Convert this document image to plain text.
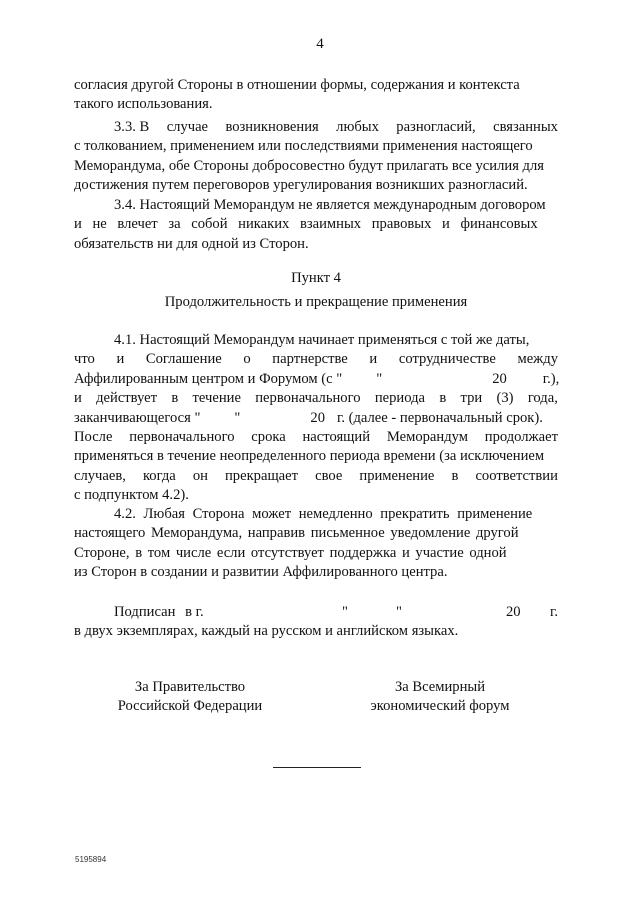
4
согласия другой Стороны в отношении формы, содержания и контекста
такого использования.
3.3. В случае возникновения любых разногласий, связанных
с толкованием, применением или последствиями применения настоящего
Меморандума, обе Стороны добросовестно будут прилагать все усилия для
достижения путем переговоров урегулирования возникших разногласий.
3.4. Настоящий Меморандум не является международным договором
и не влечет за собой никаких взаимных правовых и финансовых
обязательств ни для одной из Сторон.
Пункт 4
Продолжительность и прекращение применения
4.1. Настоящий Меморандум начинает применяться с той же даты,
что и Соглашение о партнерстве и сотрудничестве между
Аффилированным центром и Форумом (с " "	20 г.),
и действует в течение первоначального периода в три (3) года,
заканчивающегося " "	20 г. (далее - первоначальный срок).
После первоначального срока настоящий Меморандум продолжает
применяться в течение неопределенного периода времени (за исключением
случаев, когда он прекращает свое применение в соответствии
с подпунктом 4.2).
4.2. Любая Сторона может немедленно прекратить применение
настоящего Меморандума, направив письменное уведомление другой
Стороне, в том числе если отсутствует поддержка и участие одной
из Сторон в создании и развитии Аффилированного центра.
Подписан в г.	"	"	20 г.
в двух экземплярах, каждый на русском и английском языках.
За Правительство
Российской Федерации
За Всемирный
экономический форум
5195894
